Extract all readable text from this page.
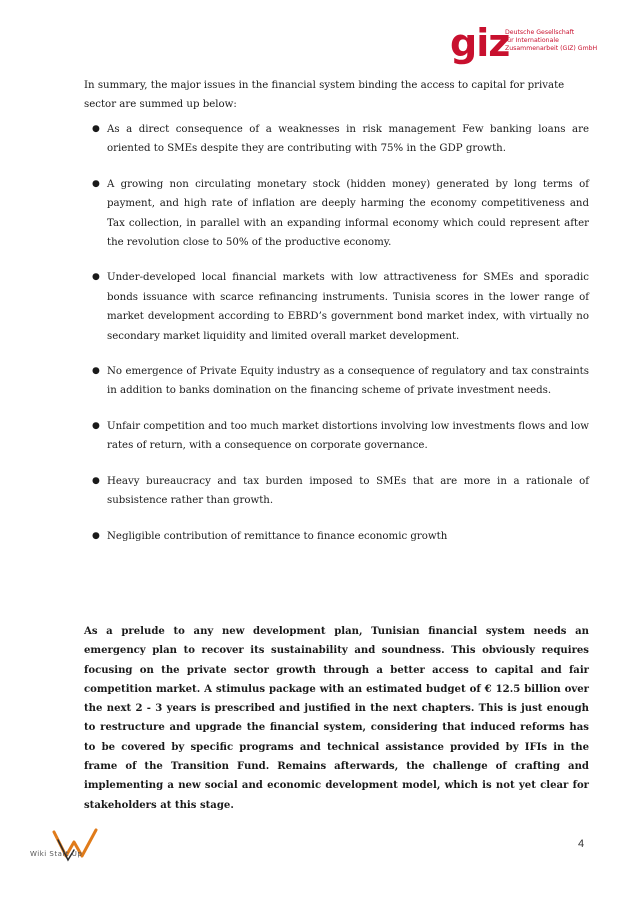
giz
Deutsche Gesellschaft
für Internationale
Zusammenarbeit (GIZ) GmbH

In summary, the major issues in the financial system binding the access to capital for private sector are summed up below:

● As a direct consequence of a weaknesses in risk management Few banking loans are oriented to SMEs despite they are contributing with 75% in the GDP growth.
● A growing non circulating monetary stock (hidden money) generated by long terms of payment, and high rate of inflation are deeply harming the economy competitiveness and Tax collection, in parallel with an expanding informal economy which could represent after the revolution close to 50% of the productive economy.
● Under-developed local financial markets with low attractiveness for SMEs and sporadic bonds issuance with scarce refinancing instruments. Tunisia scores in the lower range of market development according to EBRD’s government bond market index, with virtually no secondary market liquidity and limited overall market development.
● No emergence of Private Equity industry as a consequence of regulatory and tax constraints in addition to banks domination on the financing scheme of private investment needs.
● Unfair competition and too much market distortions involving low investments flows and low rates of return, with a consequence on corporate governance.
● Heavy bureaucracy and tax burden imposed to SMEs that are more in a rationale of subsistence rather than growth.
● Negligible contribution of remittance to finance economic growth

As a prelude to any new development plan, Tunisian financial system needs an emergency plan to recover its sustainability and soundness. This obviously requires focusing on the private sector growth through a better access to capital and fair competition market. A stimulus package with an estimated budget of € 12.5 billion over the next 2 - 3 years is prescribed and justified in the next chapters. This is just enough to restructure and upgrade the financial system, considering that induced reforms has to be covered by specific programs and technical assistance provided by IFIs in the frame of the Transition Fund. Remains afterwards, the challenge of crafting and implementing a new social and economic development model, which is not yet clear for stakeholders at this stage.

Wiki Start Up
4
